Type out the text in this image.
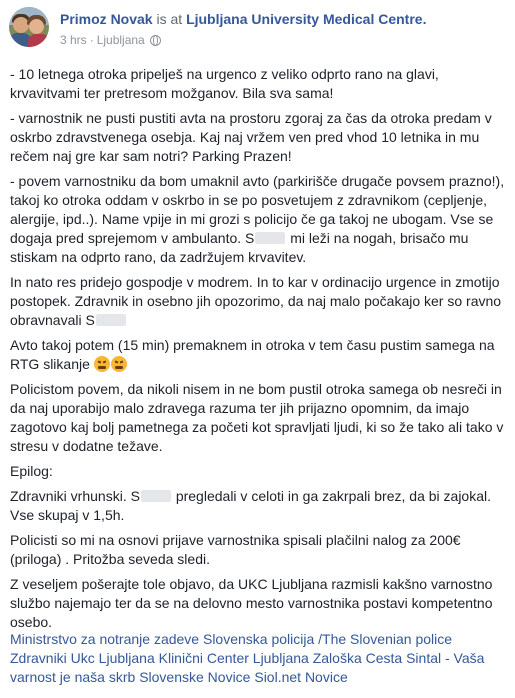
Primoz Novak is at Ljubljana University Medical Centre.
3 hrs · Ljubljana

- 10 letnega otroka pripelješ na urgenco z veliko odprto rano na glavi, krvavitvami ter pretresom možganov. Bila sva sama!

- varnostnik ne pusti pustiti avta na prostoru zgoraj za čas da otroka predam v oskrbo zdravstvenega osebja. Kaj naj vržem ven pred vhod 10 letnika in mu rečem naj gre kar sam notri? Parking Prazen!

- povem varnostniku da bom umaknil avto (parkirišče drugače povsem prazno!), takoj ko otroka oddam v oskrbo in se po posvetujem z zdravnikom (cepljenje, alergije, ipd..). Name vpije in mi grozi s policijo če ga takoj ne ubogam. Vse se dogaja pred sprejemom v ambulanto. S mi leži na nogah, brisačo mu stiskam na odprto rano, da zadržujem krvavitev.

In nato res pridejo gospodje v modrem. In to kar v ordinacijo urgence in zmotijo postopek. Zdravnik in osebno jih opozorimo, da naj malo počakajo ker so ravno obravnavali S

Avto takoj potem (15 min) premaknem in otroka v tem času pustim samega na RTG slikanje

Policistom povem, da nikoli nisem in ne bom pustil otroka samega ob nesreči in da naj uporabijo malo zdravega razuma ter jih prijazno opomnim, da imajo zagotovo kaj bolj pametnega za početi kot spravljati ljudi, ki so že tako ali tako v stresu v dodatne težave.

Epilog:

Zdravniki vrhunski. S pregledali v celoti in ga zakrpali brez, da bi zajokal. Vse skupaj v 1,5h.

Policisti so mi na osnovi prijave varnostnika spisali plačilni nalog za 200€ (priloga) . Pritožba seveda sledi.

Z veseljem pošerajte tole objavo, da UKC Ljubljana razmisli kakšno varnostno službo najemajo ter da se na delovno mesto varnostnika postavi kompetentno osebo.

Ministrstvo za notranje zadeve Slovenska policija /The Slovenian police Zdravniki Ukc Ljubljana Klinični Center Ljubljana Zaloška Cesta Sintal - Vaša varnost je naša skrb Slovenske Novice Siol.net Novice
